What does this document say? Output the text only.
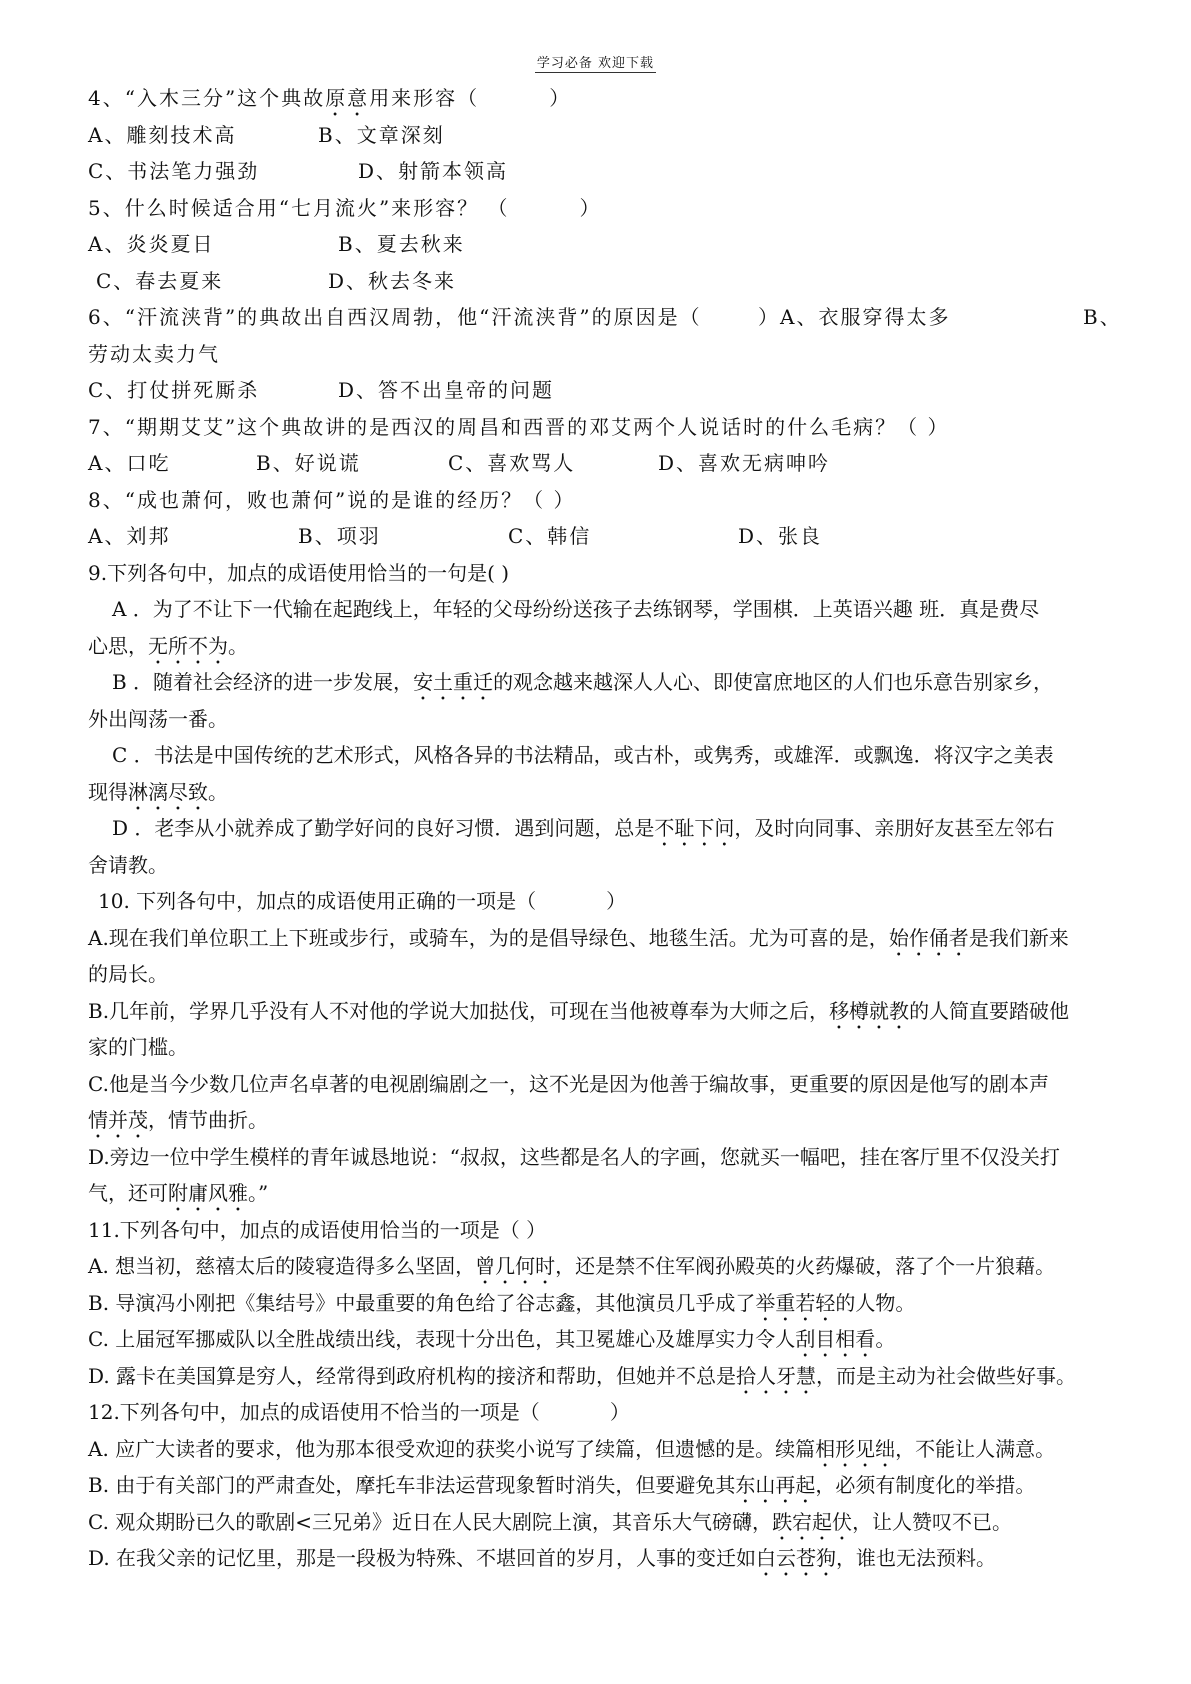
学习必备 欢迎下载
4、“入木三分”这个典故原意用来形容（	）
A、雕刻技术高	B、文章深刻
C、书法笔力强劲	D、射箭本领高
5、什么时候适合用“七月流火”来形容？ （	）
A、炎炎夏日	B、夏去秋来
C、春去夏来	D、秋去冬来
6、“汗流浃背”的典故出自西汉周勃，他“汗流浃背”的原因是（	） A、衣服穿得太多	B、
劳动太卖力气
C、打仗拼死厮杀	D、答不出皇帝的问题
7、“期期艾艾”这个典故讲的是西汉的周昌和西晋的邓艾两个人说话时的什么毛病？（ ）
A、口吃	B、好说谎	C、喜欢骂人	D、喜欢无病呻吟
8、“成也萧何，败也萧何”说的是谁的经历？（ ）
A、刘邦	B、项羽	C、韩信	D、张良
9.下列各句中，加点的成语使用恰当的一句是( )
A ．为了不让下一代输在起跑线上，年轻的父母纷纷送孩子去练钢琴，学围棋．上英语兴趣 班．真是费尽
心思，无所不为。
B ．随着社会经济的进一步发展，安土重迁的观念越来越深人人心、即使富庶地区的人们也乐意告别家乡，
外出闯荡一番。
C ．书法是中国传统的艺术形式，风格各异的书法精品，或古朴，或隽秀，或雄浑．或飘逸．将汉字之美表
现得淋漓尽致。
D ．老李从小就养成了勤学好问的良好习惯．遇到问题，总是不耻下问，及时向同事、亲朋好友甚至左邻右
舍请教。
10. 下列各句中，加点的成语使用正确的一项是（	）
A.现在我们单位职工上下班或步行，或骑车，为的是倡导绿色、地毯生活。尤为可喜的是，始作俑者是我们新来
的局长。
B.几年前，学界几乎没有人不对他的学说大加挞伐，可现在当他被尊奉为大师之后，移樽就教的人简直要踏破他
家的门槛。
C.他是当今少数几位声名卓著的电视剧编剧之一，这不光是因为他善于编故事，更重要的原因是他写的剧本声
情并茂，情节曲折。
D.旁边一位中学生模样的青年诚恳地说：“叔叔，这些都是名人的字画，您就买一幅吧，挂在客厅里不仅没关打
气，还可附庸风雅。”
11.下列各句中，加点的成语使用恰当的一项是（ ）
A. 想当初，慈禧太后的陵寝造得多么坚固，曾几何时，还是禁不住军阀孙殿英的火药爆破，落了个一片狼藉。
B. 导演冯小刚把《集结号》中最重要的角色给了谷志鑫，其他演员几乎成了举重若轻的人物。
C. 上届冠军挪威队以全胜战绩出线，表现十分出色，其卫冕雄心及雄厚实力令人刮目相看。
D. 露卡在美国算是穷人，经常得到政府机构的接济和帮助，但她并不总是拾人牙慧，而是主动为社会做些好事。
12.下列各句中，加点的成语使用不恰当的一项是（	）
A. 应广大读者的要求，他为那本很受欢迎的获奖小说写了续篇，但遗憾的是。续篇相形见绌，不能让人满意。
B. 由于有关部门的严肃查处，摩托车非法运营现象暂时消失，但要避免其东山再起，必须有制度化的举措。
C. 观众期盼已久的歌剧<三兄弟》近日在人民大剧院上演，其音乐大气磅礴，跌宕起伏，让人赞叹不已。
D. 在我父亲的记忆里，那是一段极为特殊、不堪回首的岁月，人事的变迁如白云苍狗，谁也无法预料。
